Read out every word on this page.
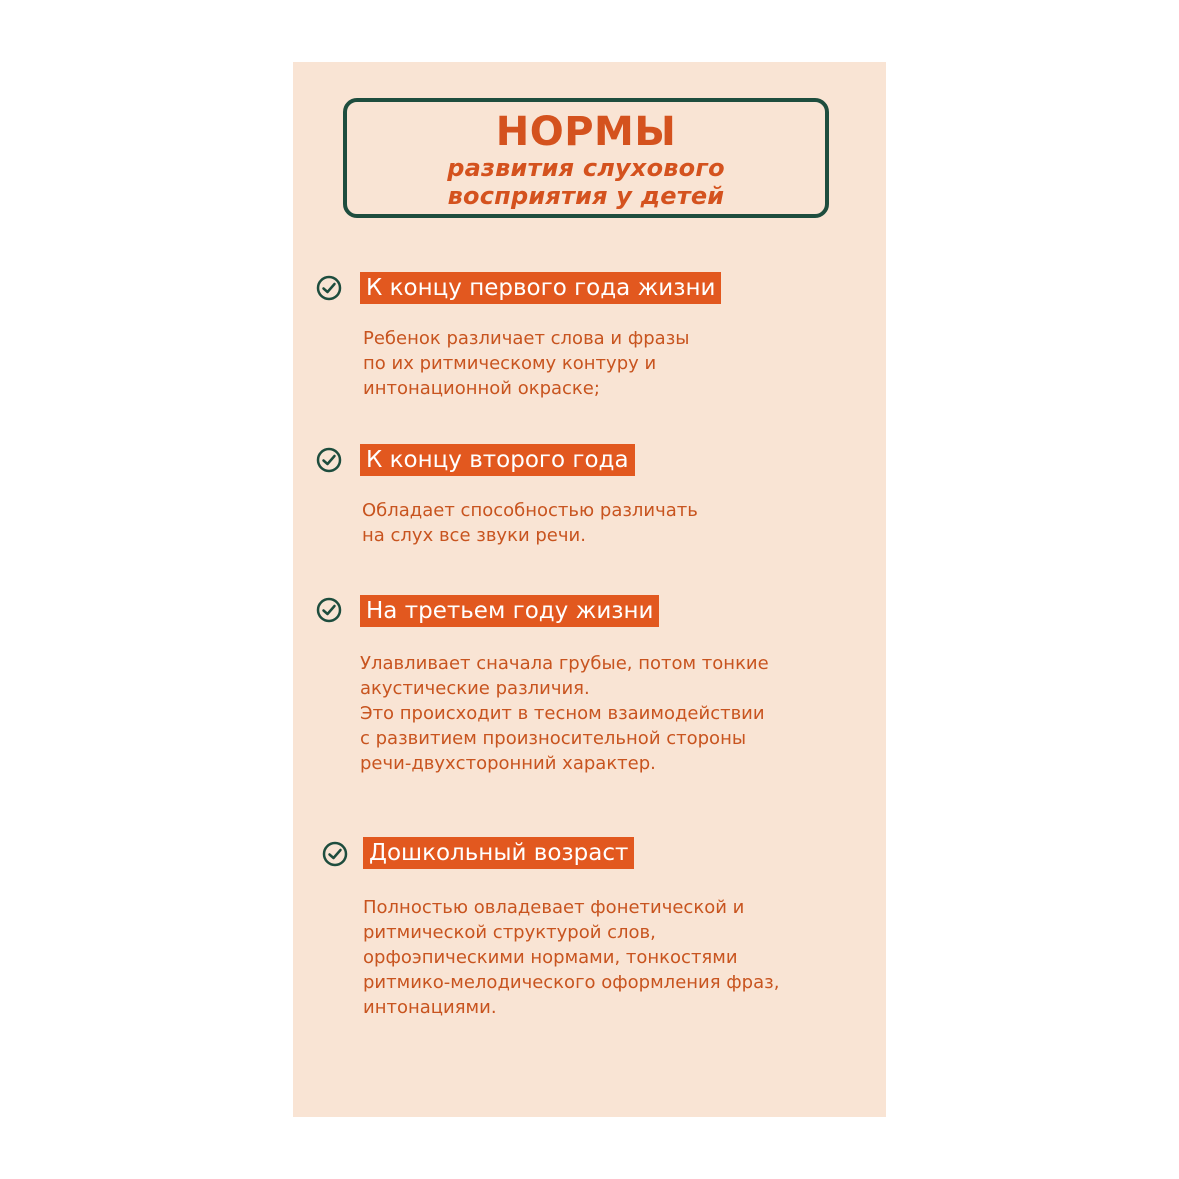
НОРМЫ
развития слухового
восприятия у детей
К концу первого года жизни

Ребенок различает слова и фразы
по их ритмическому контуру и
интонационной окраске;

К концу второго года

Обладает способностью различать
на слух все звуки речи.

На третьем году жизни

Улавливает сначала грубые, потом тонкие
акустические различия.
Это происходит в тесном взаимодействии
с развитием произносительной стороны
речи-двухсторонний характер.

Дошкольный возраст

Полностью овладевает фонетической и
ритмической структурой слов,
орфоэпическими нормами, тонкостями
ритмико-мелодического оформления фраз,
интонациями.
